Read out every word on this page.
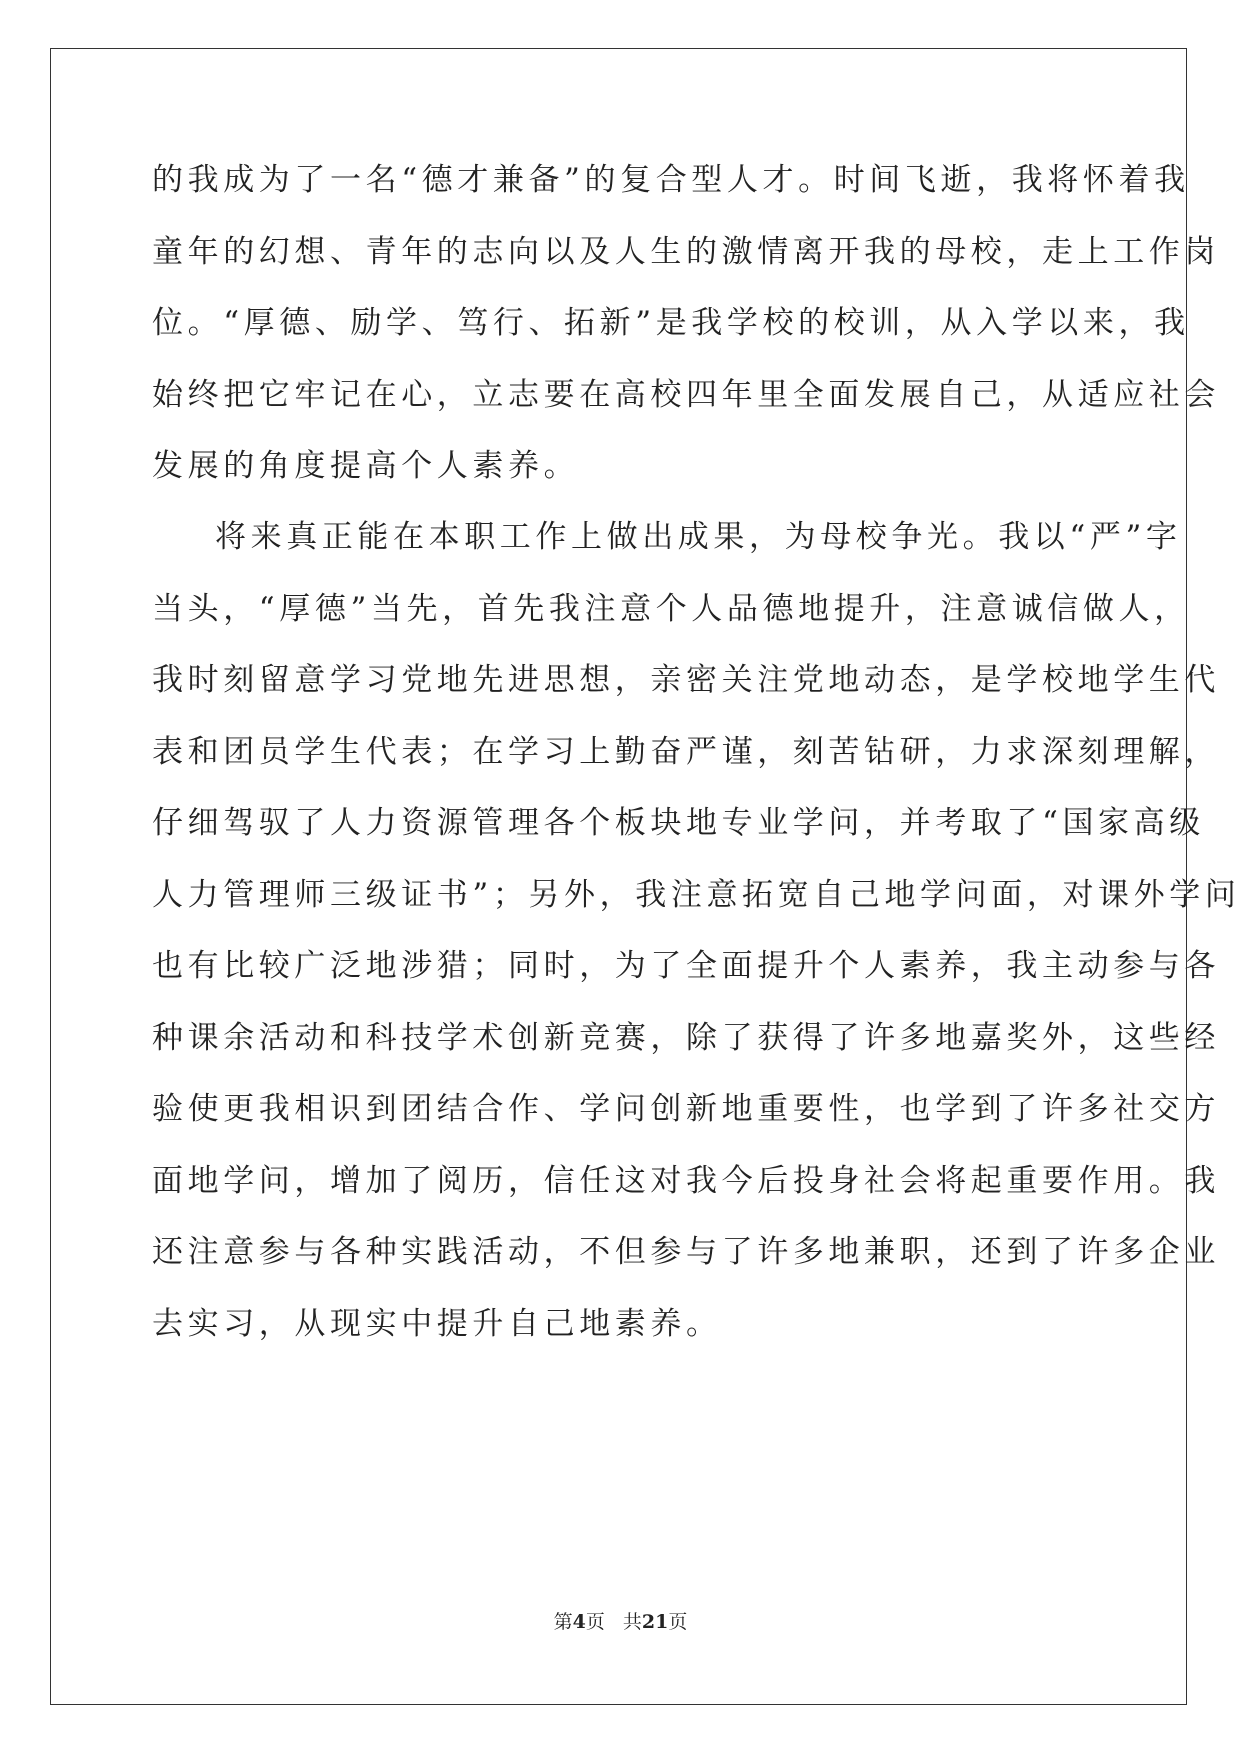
的我成为了一名“德才兼备”的复合型人才。时间飞逝，我将怀着我
童年的幻想、青年的志向以及人生的激情离开我的母校，走上工作岗
位。“厚德、励学、笃行、拓新”是我学校的校训，从入学以来，我
始终把它牢记在心，立志要在高校四年里全面发展自己，从适应社会
发展的角度提高个人素养。
将来真正能在本职工作上做出成果，为母校争光。我以“严”字
当头，“厚德”当先，首先我注意个人品德地提升，注意诚信做人，
我时刻留意学习党地先进思想，亲密关注党地动态，是学校地学生代
表和团员学生代表；在学习上勤奋严谨，刻苦钻研，力求深刻理解，
仔细驾驭了人力资源管理各个板块地专业学问，并考取了“国家高级
人力管理师三级证书”；另外，我注意拓宽自己地学问面，对课外学问
也有比较广泛地涉猎；同时，为了全面提升个人素养，我主动参与各
种课余活动和科技学术创新竞赛，除了获得了许多地嘉奖外，这些经
验使更我相识到团结合作、学问创新地重要性，也学到了许多社交方
面地学问，增加了阅历，信任这对我今后投身社会将起重要作用。我
还注意参与各种实践活动，不但参与了许多地兼职，还到了许多企业
去实习，从现实中提升自己地素养。
第4页 共21页
